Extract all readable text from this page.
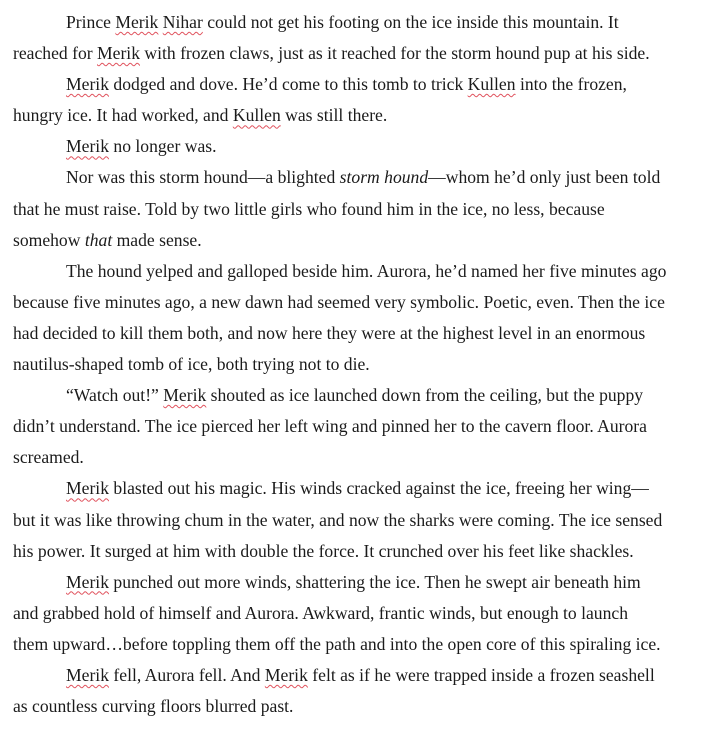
Prince Merik Nihar could not get his footing on the ice inside this mountain. It
reached for Merik with frozen claws, just as it reached for the storm hound pup at his side.

Merik dodged and dove. He’d come to this tomb to trick Kullen into the frozen,
hungry ice. It had worked, and Kullen was still there.

Merik no longer was.

Nor was this storm hound—a blighted storm hound—whom he’d only just been told
that he must raise. Told by two little girls who found him in the ice, no less, because
somehow that made sense.

The hound yelped and galloped beside him. Aurora, he’d named her five minutes ago
because five minutes ago, a new dawn had seemed very symbolic. Poetic, even. Then the ice
had decided to kill them both, and now here they were at the highest level in an enormous
nautilus-shaped tomb of ice, both trying not to die.

“Watch out!” Merik shouted as ice launched down from the ceiling, but the puppy
didn’t understand. The ice pierced her left wing and pinned her to the cavern floor. Aurora
screamed.

Merik blasted out his magic. His winds cracked against the ice, freeing her wing—
but it was like throwing chum in the water, and now the sharks were coming. The ice sensed
his power. It surged at him with double the force. It crunched over his feet like shackles.

Merik punched out more winds, shattering the ice. Then he swept air beneath him
and grabbed hold of himself and Aurora. Awkward, frantic winds, but enough to launch
them upward…before toppling them off the path and into the open core of this spiraling ice.

Merik fell, Aurora fell. And Merik felt as if he were trapped inside a frozen seashell
as countless curving floors blurred past.
